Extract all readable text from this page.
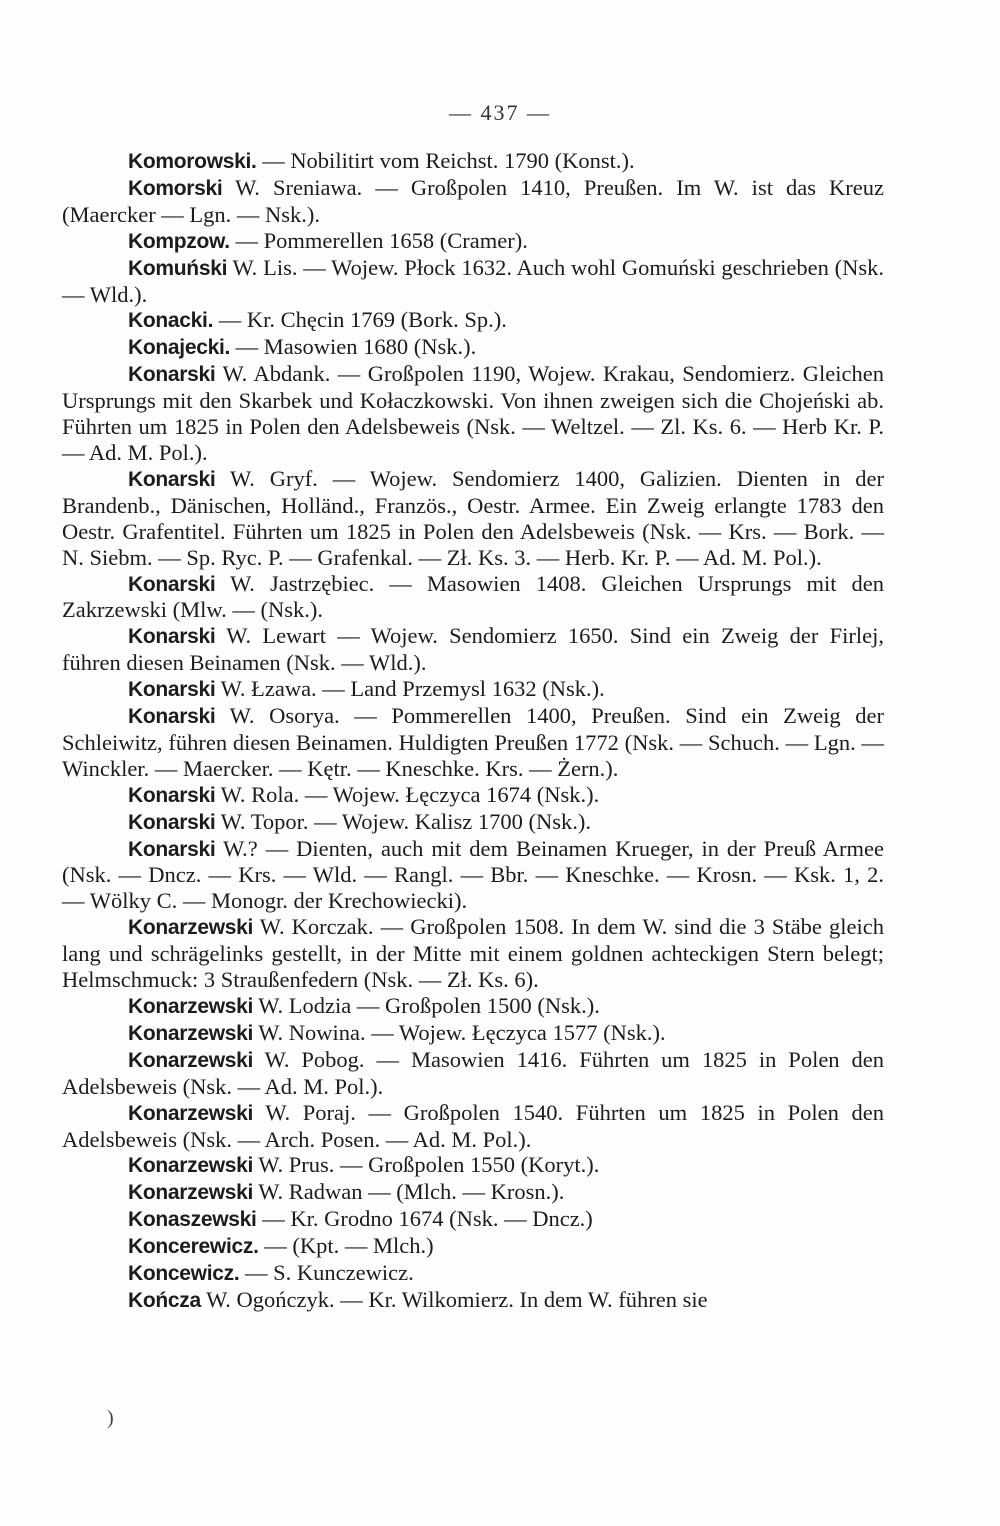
— 437 —

Komorowski. — Nobilitirt vom Reichst. 1790 (Konst.).

Komorski W. Sreniawa. — Großpolen 1410, Preußen. Im W. ist das Kreuz (Maercker — Lgn. — Nsk.).

Kompzow. — Pommerellen 1658 (Cramer).

Komuński W. Lis. — Wojew. Płock 1632. Auch wohl Gomuński geschrieben (Nsk. — Wld.).

Konacki. — Kr. Chęcin 1769 (Bork. Sp.).

Konajecki. — Masowien 1680 (Nsk.).

Konarski W. Abdank. — Großpolen 1190, Wojew. Krakau, Sendomierz. Gleichen Ursprungs mit den Skarbek und Kołaczkowski. Von ihnen zweigen sich die Chojeński ab. Führten um 1825 in Polen den Adelsbeweis (Nsk. — Weltzel. — Zl. Ks. 6. — Herb Kr. P. — Ad. M. Pol.).

Konarski W. Gryf. — Wojew. Sendomierz 1400, Galizien. Dienten in der Brandenb., Dänischen, Holländ., Französ., Oestr. Armee. Ein Zweig erlangte 1783 den Oestr. Grafentitel. Führten um 1825 in Polen den Adelsbeweis (Nsk. — Krs. — Bork. — N. Siebm. — Sp. Ryc. P. — Grafenkal. — Zł. Ks. 3. — Herb. Kr. P. — Ad. M. Pol.).

Konarski W. Jastrzębiec. — Masowien 1408. Gleichen Ursprungs mit den Zakrzewski (Mlw. — (Nsk.).

Konarski W. Lewart — Wojew. Sendomierz 1650. Sind ein Zweig der Firlej, führen diesen Beinamen (Nsk. — Wld.).

Konarski W. Łzawa. — Land Przemysl 1632 (Nsk.).

Konarski W. Osorya. — Pommerellen 1400, Preußen. Sind ein Zweig der Schleiwitz, führen diesen Beinamen. Huldigten Preußen 1772 (Nsk. — Schuch. — Lgn. — Winckler. — Maercker. — Kętr. — Kneschke. Krs. — Żern.).

Konarski W. Rola. — Wojew. Łęczyca 1674 (Nsk.).

Konarski W. Topor. — Wojew. Kalisz 1700 (Nsk.).

Konarski W.? — Dienten, auch mit dem Beinamen Krueger, in der Preuß Armee (Nsk. — Dncz. — Krs. — Wld. — Rangl. — Bbr. — Kneschke. — Krosn. — Ksk. 1, 2. — Wölky C. — Monogr. der Krechowiecki).

Konarzewski W. Korczak. — Großpolen 1508. In dem W. sind die 3 Stäbe gleich lang und schrägelinks gestellt, in der Mitte mit einem goldnen achteckigen Stern belegt; Helmschmuck: 3 Straußenfedern (Nsk. — Zł. Ks. 6).

Konarzewski W. Lodzia — Großpolen 1500 (Nsk.).

Konarzewski W. Nowina. — Wojew. Łęczyca 1577 (Nsk.).

Konarzewski W. Pobog. — Masowien 1416. Führten um 1825 in Polen den Adelsbeweis (Nsk. — Ad. M. Pol.).

Konarzewski W. Poraj. — Großpolen 1540. Führten um 1825 in Polen den Adelsbeweis (Nsk. — Arch. Posen. — Ad. M. Pol.).

Konarzewski W. Prus. — Großpolen 1550 (Koryt.).

Konarzewski W. Radwan — (Mlch. — Krosn.).

Konaszewski — Kr. Grodno 1674 (Nsk. — Dncz.)

Koncerewicz. — (Kpt. — Mlch.)

Koncewicz. — S. Kunczewicz.

Kończa W. Ogończyk. — Kr. Wilkomierz. In dem W. führen sie

)
